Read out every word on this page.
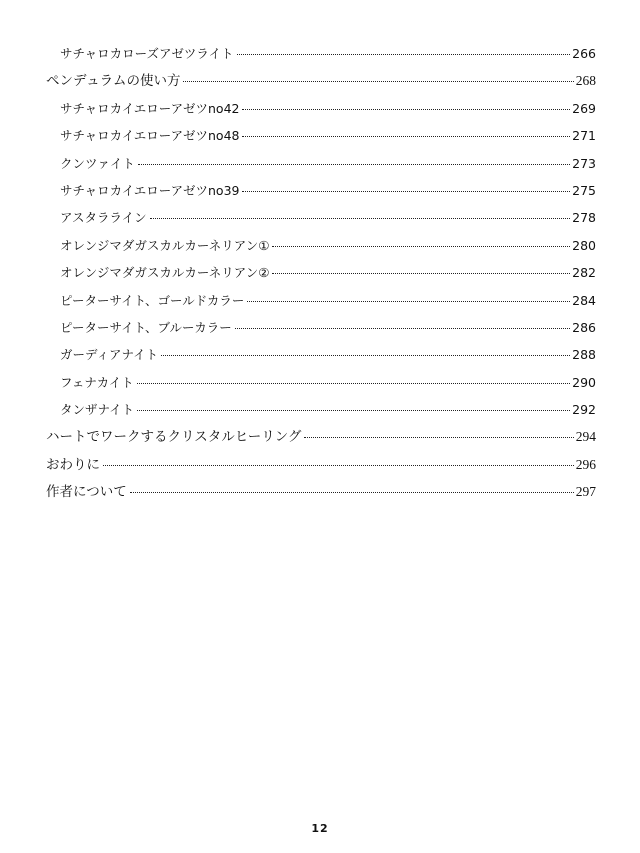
サチャロカローズアゼツライト	266
ペンデュラムの使い方	268
サチャロカイエローアゼツno42	269
サチャロカイエローアゼツno48	271
クンツァイト	273
サチャロカイエローアゼツno39	275
アスタラライン	278
オレンジマダガスカルカーネリアン①	280
オレンジマダガスカルカーネリアン②	282
ピーターサイト、ゴールドカラー	284
ピーターサイト、ブルーカラー	286
ガーディアナイト	288
フェナカイト	290
タンザナイト	292
ハートでワークするクリスタルヒーリング	294
おわりに	296
作者について	297
12
